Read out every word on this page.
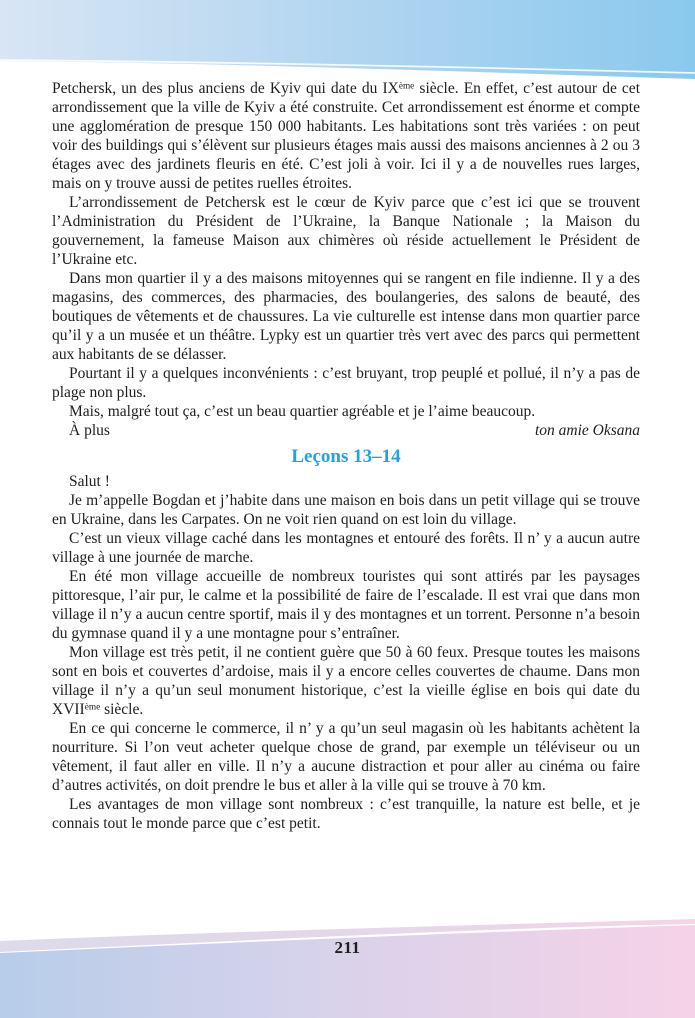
Petchersk, un des plus anciens de Kyiv qui date du IXème siècle. En effet, c’est autour de cet arrondissement que la ville de Kyiv a été construite. Cet arrondissement est énorme et compte une agglomération de presque 150 000 habitants. Les habitations sont très variées : on peut voir des buildings qui s’élèvent sur plusieurs étages mais aussi des maisons anciennes à 2 ou 3 étages avec des jardinets fleuris en été. C’est joli à voir. Ici il y a de nouvelles rues larges, mais on y trouve aussi de petites ruelles étroites.

L’arrondissement de Petchersk est le cœur de Kyiv parce que c’est ici que se trouvent l’Administration du Président de l’Ukraine, la Banque Nationale ; la Maison du gouvernement, la fameuse Maison aux chimères où réside actuellement le Président de l’Ukraine etc.

Dans mon quartier il y a des maisons mitoyennes qui se rangent en file indienne. Il y a des magasins, des commerces, des pharmacies, des boulangeries, des salons de beauté, des boutiques de vêtements et de chaussures. La vie culturelle est intense dans mon quartier parce qu’il y a un musée et un théâtre. Lypky est un quartier très vert avec des parcs qui permettent aux habitants de se délasser.

Pourtant il y a quelques inconvénients : c’est bruyant, trop peuplé et pollué, il n’y a pas de plage non plus.

Mais, malgré tout ça, c’est un beau quartier agréable et je l’aime beaucoup.

À plus	ton amie Oksana
Leçons 13–14

Salut !

Je m’appelle Bogdan et j’habite dans une maison en bois dans un petit village qui se trouve en Ukraine, dans les Carpates. On ne voit rien quand on est loin du village.

C’est un vieux village caché dans les montagnes et entouré des forêts. Il n’ y a aucun autre village à une journée de marche.

En été mon village accueille de nombreux touristes qui sont attirés par les paysages pittoresque, l’air pur, le calme et la possibilité de faire de l’escalade. Il est vrai que dans mon village il n’y a aucun centre sportif, mais il y des montagnes et un torrent. Personne n’a besoin du gymnase quand il y a une montagne pour s’entraîner.

Mon village est très petit, il ne contient guère que 50 à 60 feux. Presque toutes les maisons sont en bois et couvertes d’ardoise, mais il y a encore celles couvertes de chaume. Dans mon village il n’y a qu’un seul monument historique, c’est la vieille église en bois qui date du XVIIème siècle.

En ce qui concerne le commerce, il n’ y a qu’un seul magasin où les habitants achètent la nourriture. Si l’on veut acheter quelque chose de grand, par exemple un téléviseur ou un vêtement, il faut aller en ville. Il n’y a aucune distraction et pour aller au cinéma ou faire d’autres activités, on doit prendre le bus et aller à la ville qui se trouve à 70 km.

Les avantages de mon village sont nombreux : c’est tranquille, la nature est belle, et je connais tout le monde parce que c’est petit.

211
